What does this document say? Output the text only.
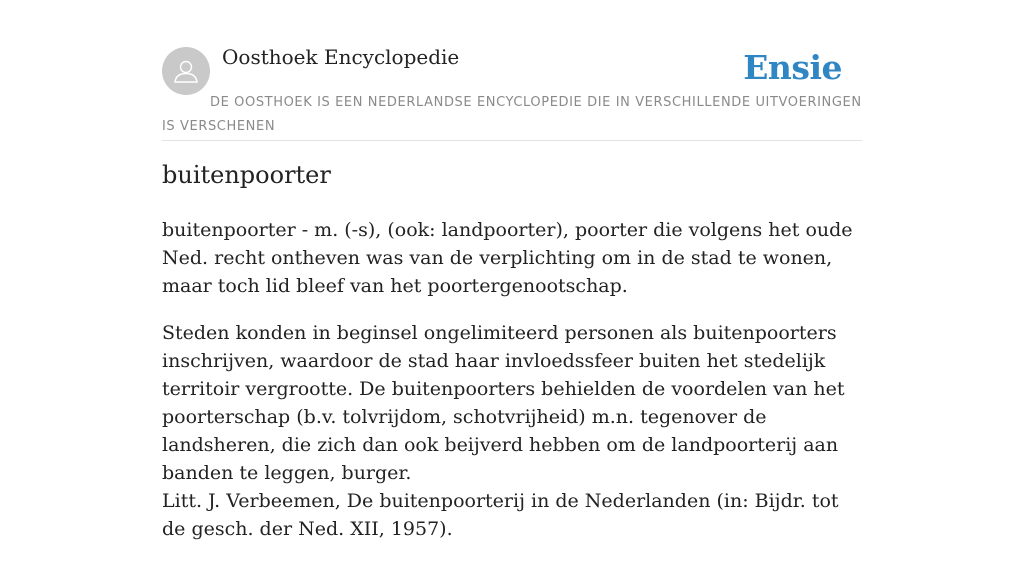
Oosthoek Encyclopedie	Ensie
DE OOSTHOEK IS EEN NEDERLANDSE ENCYCLOPEDIE DIE IN VERSCHILLENDE UITVOERINGEN IS VERSCHENEN
buitenpoorter

buitenpoorter - m. (-s), (ook: landpoorter), poorter die volgens het oude Ned. recht ontheven was van de verplichting om in de stad te wonen, maar toch lid bleef van het poortergenootschap.

Steden konden in beginsel ongelimiteerd personen als buitenpoorters inschrijven, waardoor de stad haar invloedssfeer buiten het stedelijk territoir vergrootte. De buitenpoorters behielden de voordelen van het poorterschap (b.v. tolvrijdom, schotvrijheid) m.n. tegenover de landsheren, die zich dan ook beijverd hebben om de landpoorterij aan banden te leggen, burger.

Litt. J. Verbeemen, De buitenpoorterij in de Nederlanden (in: Bijdr. tot de gesch. der Ned. XII, 1957).
